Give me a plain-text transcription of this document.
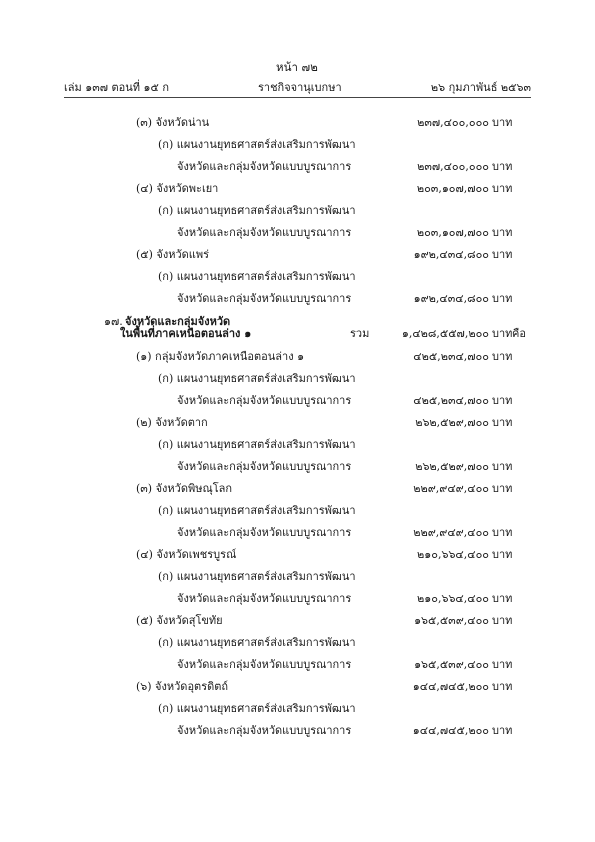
หน้า ๗๒
เล่ม ๑๓๗ ตอนที่ ๑๕ ก	ราชกิจจานุเบกษา	๒๖ กุมภาพันธ์ ๒๕๖๓
(๓) จังหวัดน่าน	๒๓๗,๔๐๐,๐๐๐ บาท
(ก) แผนงานยุทธศาสตร์ส่งเสริมการพัฒนา
จังหวัดและกลุ่มจังหวัดแบบบูรณาการ	๒๓๗,๔๐๐,๐๐๐ บาท
(๔) จังหวัดพะเยา	๒๐๓,๑๐๗,๗๐๐ บาท
(ก) แผนงานยุทธศาสตร์ส่งเสริมการพัฒนา
จังหวัดและกลุ่มจังหวัดแบบบูรณาการ	๒๐๓,๑๐๗,๗๐๐ บาท
(๕) จังหวัดแพร่	๑๙๒,๔๓๔,๘๐๐ บาท
(ก) แผนงานยุทธศาสตร์ส่งเสริมการพัฒนา
จังหวัดและกลุ่มจังหวัดแบบบูรณาการ	๑๙๒,๔๓๔,๘๐๐ บาท
๑๗. จังหวัดและกลุ่มจังหวัด
ในพื้นที่ภาคเหนือตอนล่าง ๑	รวม	๑,๔๒๘,๕๕๗,๒๐๐ บาท คือ
(๑) กลุ่มจังหวัดภาคเหนือตอนล่าง ๑	๔๒๕,๒๓๔,๗๐๐ บาท
(ก) แผนงานยุทธศาสตร์ส่งเสริมการพัฒนา
จังหวัดและกลุ่มจังหวัดแบบบูรณาการ	๔๒๕,๒๓๔,๗๐๐ บาท
(๒) จังหวัดตาก	๒๖๒,๕๒๙,๗๐๐ บาท
(ก) แผนงานยุทธศาสตร์ส่งเสริมการพัฒนา
จังหวัดและกลุ่มจังหวัดแบบบูรณาการ	๒๖๒,๕๒๙,๗๐๐ บาท
(๓) จังหวัดพิษณุโลก	๒๒๙,๙๔๙,๔๐๐ บาท
(ก) แผนงานยุทธศาสตร์ส่งเสริมการพัฒนา
จังหวัดและกลุ่มจังหวัดแบบบูรณาการ	๒๒๙,๙๔๙,๔๐๐ บาท
(๔) จังหวัดเพชรบูรณ์	๒๑๐,๖๖๔,๔๐๐ บาท
(ก) แผนงานยุทธศาสตร์ส่งเสริมการพัฒนา
จังหวัดและกลุ่มจังหวัดแบบบูรณาการ	๒๑๐,๖๖๔,๔๐๐ บาท
(๕) จังหวัดสุโขทัย	๑๖๕,๕๓๙,๔๐๐ บาท
(ก) แผนงานยุทธศาสตร์ส่งเสริมการพัฒนา
จังหวัดและกลุ่มจังหวัดแบบบูรณาการ	๑๖๕,๕๓๙,๔๐๐ บาท
(๖) จังหวัดอุตรดิตถ์	๑๔๔,๗๔๕,๒๐๐ บาท
(ก) แผนงานยุทธศาสตร์ส่งเสริมการพัฒนา
จังหวัดและกลุ่มจังหวัดแบบบูรณาการ	๑๔๔,๗๔๕,๒๐๐ บาท
